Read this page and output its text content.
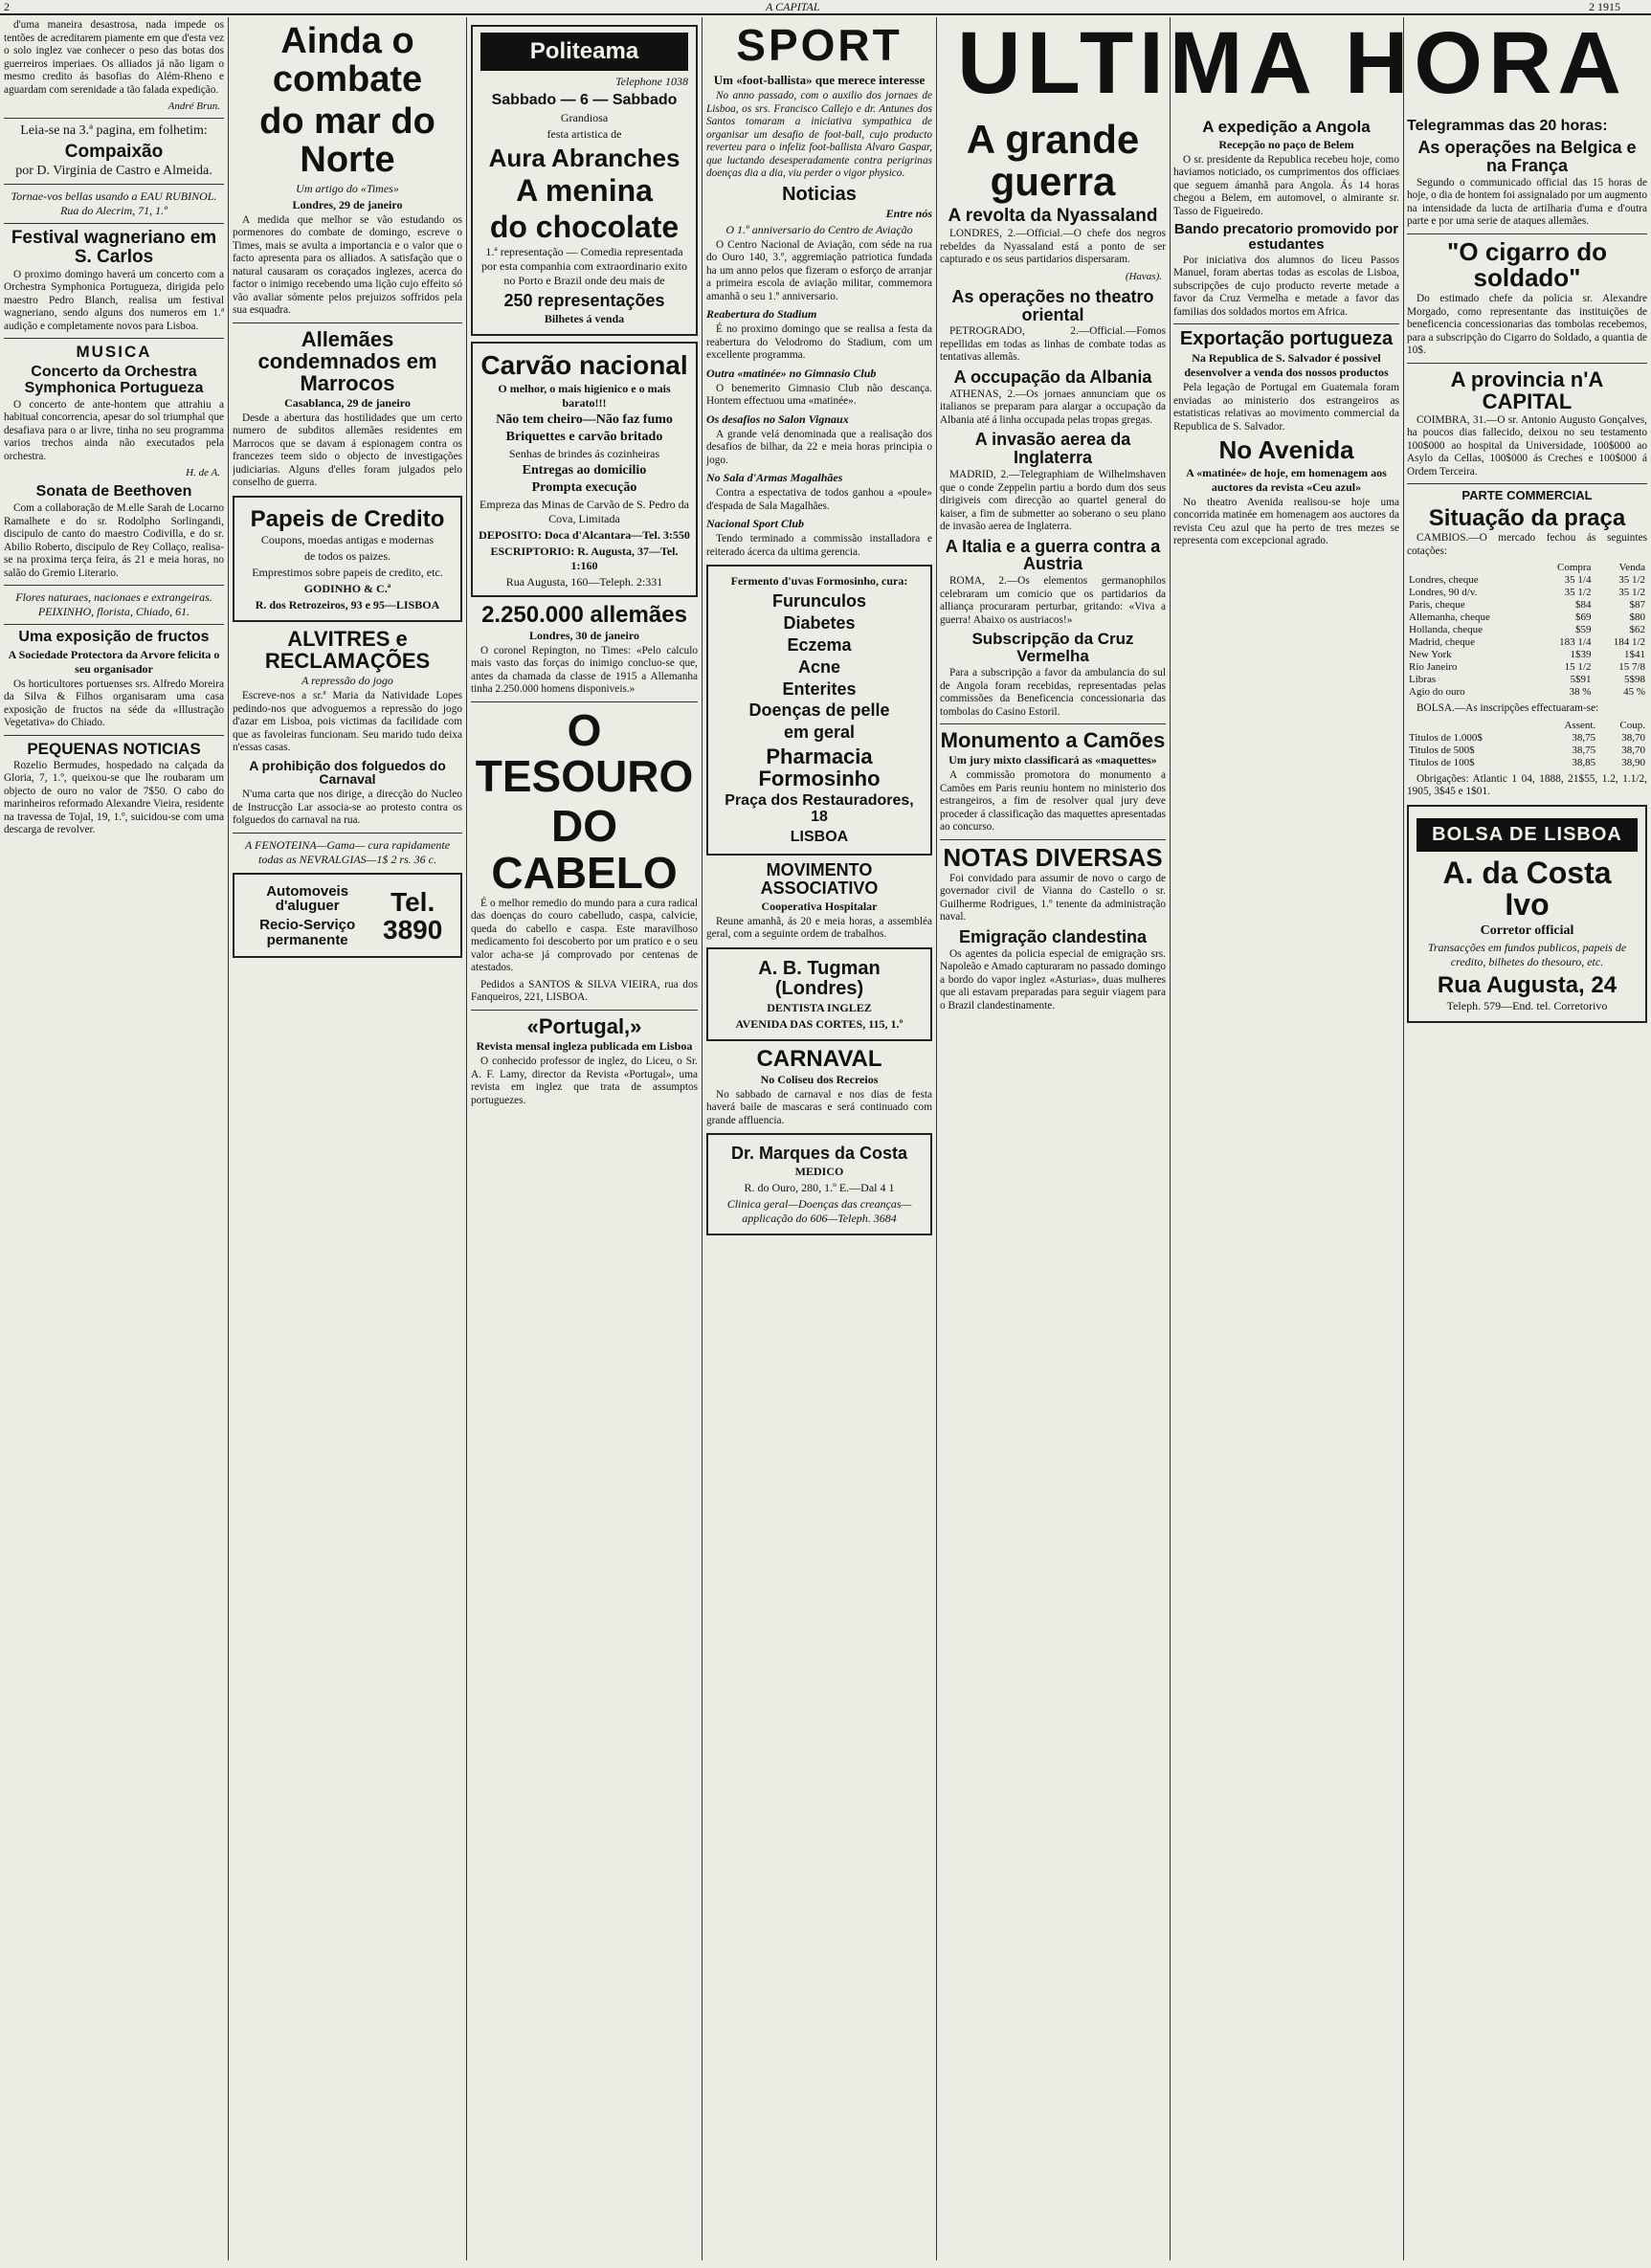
2	A CAPITAL	2 1915

d'uma maneira desastrosa, nada impede os tentões de acreditarem piamente em que d'esta vez o solo inglez vae conhecer o peso das botas dos guerreiros imperiaes. Os alliados já não ligam o mesmo credito ás basofias do Além-Rheno e aguardam com serenidade a tão falada expedição.

André Brun.
Leia-se na 3.ª pagina, em folhetim:
Compaixão
por D. Virginia de Castro e Almeida.
Tornae-vos bellas usando a EAU RUBINOL. Rua do Alecrim, 71, 1.º
Festival wagneriano em S. Carlos

O proximo domingo haverá um concerto com a Orchestra Symphonica Portugueza, dirigida pelo maestro Pedro Blanch, realisa um festival wagneriano, sendo alguns dos numeros em 1.ª audição e completamente novos para Lisboa.

MUSICA
Concerto da Orchestra Symphonica Portugueza

O concerto de ante-hontem que attrahiu a habitual concorrencia, apesar do sol triumphal que desafiava para o ar livre, tinha no seu programma varios trechos ainda não executados pela orchestra.

H. de A.
Sonata de Beethoven

Com a collaboração de M.elle Sarah de Locarno Ramalhete e do sr. Rodolpho Sorlingandi, discipulo de canto do maestro Codivilla, e do sr. Abilio Roberto, discipulo de Rey Collaço, realisa-se na proxima terça feira, ás 21 e meia horas, no salão do Gremio Literario.

Flores naturaes, nacionaes e extrangeiras. PEIXINHO, florista, Chiado, 61.
Uma exposição de fructos
A Sociedade Protectora da Arvore felicita o seu organisador

Os horticultores portuenses srs. Alfredo Moreira da Silva & Filhos organisaram uma casa exposição de fructos na séde da «Illustração Vegetativa» do Chiado.

PEQUENAS NOTICIAS

Rozelio Bermudes, hospedado na calçada da Gloria, 7, 1.º, queixou-se que lhe roubaram um objecto de ouro no valor de 7$50. O cabo do marinheiros reformado Alexandre Vieira, residente na travessa de Tojal, 19, 1.º, suicidou-se com uma descarga de revolver.

Ainda o combate
do mar do Norte
Um artigo do «Times»
Londres, 29 de janeiro

A medida que melhor se vão estudando os pormenores do combate de domingo, escreve o Times, mais se avulta a importancia e o valor que o facto apresenta para os alliados. A satisfação que o natural causaram os coraçados inglezes, acerca do factor o inimigo recebendo uma lição cujo effeito só vão avaliar sómente pelos prejuizos soffridos pela sua esquadra.

Allemães condemnados em Marrocos
Casablanca, 29 de janeiro

Desde a abertura das hostilidades que um certo numero de subditos allemães residentes em Marrocos que se davam á espionagem contra os francezes teem sido o objecto de investigações judiciarias. Alguns d'elles foram julgados pelo conselho de guerra.

Papeis de Credito
Coupons, moedas antigas e modernas
de todos os paizes.
Emprestimos sobre papeis de credito, etc.
GODINHO & C.ª
R. dos Retrozeiros, 93 e 95—LISBOA
ALVITRES e RECLAMAÇÕES
A repressão do jogo

Escreve-nos a sr.ª Maria da Natividade Lopes pedindo-nos que advoguemos a repressão do jogo d'azar em Lisboa, pois victimas da facilidade com que as favoleiras funcionam. Seu marido tudo deixa n'essas casas.

A prohibição dos folguedos do Carnaval

N'uma carta que nos dirige, a direcção do Nucleo de Instrucção Lar associa-se ao protesto contra os folguedos do carnaval na rua.

A FENOTEINA—Gama— cura rapidamente todas as NEVRALGIAS—1$ 2 rs. 36 c.
Automoveis d'aluguer
Recio-Serviço permanente
Tel. 3890
Politeama
Telephone 1038
Sabbado — 6 — Sabbado
Grandiosa
festa artistica de
Aura Abranches
A menina
do chocolate
1.ª representação — Comedia representada por esta companhia com extraordinario exito no Porto e Brazil onde deu mais de
250 representações
Bilhetes á venda
Carvão nacional
O melhor, o mais higienico e o mais barato!!!
Não tem cheiro—Não faz fumo
Briquettes e carvão britado
Senhas de brindes ás cozinheiras
Entregas ao domicilio
Prompta execução
Empreza das Minas de Carvão de S. Pedro da Cova, Limitada
DEPOSITO: Doca d'Alcantara—Tel. 3:550
ESCRIPTORIO: R. Augusta, 37—Tel. 1:160
Rua Augusta, 160—Teleph. 2:331
2.250.000 allemães
Londres, 30 de janeiro

O coronel Repington, no Times: «Pelo calculo mais vasto das forças do inimigo concluo-se que, antes da chamada da classe de 1915 a Allemanha tinha 2.250.000 homens disponiveis.»

O TESOURO
DO CABELO

É o melhor remedio do mundo para a cura radical das doenças do couro cabelludo, caspa, calvicie, queda do cabello e caspa. Este maravilhoso medicamento foi descoberto por um pratico e o seu valor acha-se já comprovado por centenas de atestados.

Pedidos a SANTOS & SILVA VIEIRA, rua dos Fanqueiros, 221, LISBOA.

«Portugal,»
Revista mensal ingleza publicada em Lisboa

O conhecido professor de inglez, do Liceu, o Sr. A. F. Lamy, director da Revista «Portugal», uma revista em inglez que trata de assumptos portuguezes.

SPORT
Um «foot-ballista» que merece interesse

No anno passado, com o auxilio dos jornaes de Lisboa, os srs. Francisco Callejo e dr. Antunes dos Santos tomaram a iniciativa sympathica de organisar um desafio de foot-ball, cujo producto reverteu para o infeliz foot-ballista Alvaro Gaspar, que luctando desesperadamente contra perigrinas doenças dia a dia, viu perder o vigor physico.

Noticias
Entre nós
O 1.º anniversario do Centro de Aviação

O Centro Nacional de Aviação, com séde na rua do Ouro 140, 3.º, aggremiação patriotica fundada ha um anno pelos que fizeram o esforço de arranjar a primeira escola de aviação militar, commemora amanhã o seu 1.º anniversario.

Reabertura do Stadium

É no proximo domingo que se realisa a festa da reabertura do Velodromo do Stadium, com um excellente programma.

Outra «matinée» no Gimnasio Club

O benemerito Gimnasio Club não descança. Hontem effectuou uma «matinée».

Os desafios no Salon Vignaux

A grande velá denominada que a realisação dos desafios de bilhar, da 22 e meia horas principia o jogo.

No Sala d'Armas Magalhães

Contra a espectativa de todos ganhou a «poule» d'espada de Sala Magalhães.

Nacional Sport Club

Tendo terminado a commissão installadora e reiterado ácerca da ultima gerencia.

Fermento d'uvas Formosinho, cura:
Furunculos
Diabetes
Eczema
Acne
Enterites
Doenças de pelle
em geral
Pharmacia Formosinho
Praça dos Restauradores, 18
LISBOA
MOVIMENTO ASSOCIATIVO
Cooperativa Hospitalar

Reune amanhã, ás 20 e meia horas, a assembléa geral, com a seguinte ordem de trabalhos.

A. B. Tugman (Londres)
DENTISTA INGLEZ
AVENIDA DAS CORTES, 115, 1.º
CARNAVAL
No Coliseu dos Recreios

No sabbado de carnaval e nos dias de festa haverá baile de mascaras e será continuado com grande affluencia.

Dr. Marques da Costa
MEDICO
R. do Ouro, 280, 1.º E.—Dal 4 1
Clinica geral—Doenças das creanças—applicação do 606—Teleph. 3684
ULTIMA HORA
A grande guerra
A revolta da Nyassaland

LONDRES, 2.—Official.—O chefe dos negros rebeldes da Nyassaland está a ponto de ser capturado e os seus partidarios dispersaram.

(Havas).
As operações no theatro oriental

PETROGRADO, 2.—Official.—Fomos repellidas em todas as linhas de combate todas as tentativas allemãs.

A occupação da Albania

ATHENAS, 2.—Os jornaes annunciam que os italianos se preparam para alargar a occupação da Albania até á linha occupada pelas tropas gregas.

A invasão aerea da Inglaterra

MADRID, 2.—Telegraphiam de Wilhelmshaven que o conde Zeppelin partiu a bordo dum dos seus dirigiveis com direcção ao quartel general do kaiser, a fim de submetter ao soberano o seu plano de invasão aerea de Inglaterra.

A Italia e a guerra contra a Austria

ROMA, 2.—Os elementos germanophilos celebraram um comicio que os partidarios da alliança procuraram perturbar, gritando: «Viva a guerra! Abaixo os austriacos!»

Subscripção da Cruz Vermelha

Para a subscripção a favor da ambulancia do sul de Angola foram recebidas, representadas pelas commissões da Beneficencia concessionaria das tombolas do Casino Estoril.

Monumento a Camões
Um jury mixto classificará as «maquettes»

A commissão promotora do monumento a Camões em Paris reuniu hontem no ministerio dos estrangeiros, a fim de resolver qual jury deve proceder á classificação das maquettes apresentadas ao concurso.

NOTAS DIVERSAS

Foi convidado para assumir de novo o cargo de governador civil de Vianna do Castello o sr. Guilherme Rodrigues, 1.º tenente da administração naval.

Emigração clandestina

Os agentes da policia especial de emigração srs. Napoleão e Amado capturaram no passado domingo a bordo do vapor inglez «Asturias», duas mulheres que ali estavam preparadas para seguir viagem para o Brazil clandestinamente.

A expedição a Angola
Recepção no paço de Belem

O sr. presidente da Republica recebeu hoje, como haviamos noticiado, os cumprimentos dos officiaes que seguem ámanhã para Angola. Ás 14 horas chegou a Belem, em automovel, o almirante sr. Tasso de Figueiredo.

Bando precatorio promovido por estudantes

Por iniciativa dos alumnos do liceu Passos Manuel, foram abertas todas as escolas de Lisboa, subscripções de cujo producto reverte metade a favor da Cruz Vermelha e metade a favor das familias dos soldados mortos em Africa.

Exportação portugueza
Na Republica de S. Salvador é possivel desenvolver a venda dos nossos productos

Pela legação de Portugal em Guatemala foram enviadas ao ministerio dos estrangeiros as estatisticas relativas ao movimento commercial da Republica de S. Salvador.

No Avenida
A «matinée» de hoje, em homenagem aos auctores da revista «Ceu azul»

No theatro Avenida realisou-se hoje uma concorrida matinée em homenagem aos auctores da revista Ceu azul que ha perto de tres mezes se representa com excepcional agrado.

Telegrammas das 20 horas:
As operações na Belgica e na França

Segundo o communicado official das 15 horas de hoje, o dia de hontem foi assignalado por um augmento na intensidade da lucta de artilharia d'uma e d'outra parte e por uma serie de ataques allemães.

"O cigarro do soldado"

Do estimado chefe da policia sr. Alexandre Morgado, como representante das instituições de beneficencia concessionarias das tombolas recebemos, para a subscripção do Cigarro do Soldado, a quantia de 10$.

A provincia n'A CAPITAL

COIMBRA, 31.—O sr. Antonio Augusto Gonçalves, ha poucos dias fallecido, deixou no seu testamento 100$000 ao hospital da Universidade, 100$000 ao Asylo da Cellas, 100$000 ás Creches e 100$000 á Ordem Terceira.

PARTE COMMERCIAL
Situação da praça

CAMBIOS.—O mercado fechou ás seguintes cotações:

	Compra	Venda
Londres, cheque	35 1/4	35 1/2
Londres, 90 d/v.	35 1/2	35 1/2
Paris, cheque	$84	$87
Allemanha, cheque	$69	$80
Hollanda, cheque	$59	$62
Madrid, cheque	183 1/4	184 1/2
New York	1$39	1$41
Rio Janeiro	15 1/2	15 7/8
Libras	5$91	5$98
Agio do ouro	38 %	45 %

BOLSA.—As inscripções effectuaram-se:

	Assent.	Coup.
Titulos de 1.000$	38,75	38,70
Titulos de 500$	38,75	38,70
Titulos de 100$	38,85	38,90

Obrigações: Atlantic 1 04, 1888, 21$55, 1.2, 1.1/2, 1905, 3$45 e 1$01.

BOLSA DE LISBOA
A. da Costa Ivo
Corretor official
Transacções em fundos publicos, papeis de credito, bilhetes do thesouro, etc.
Rua Augusta, 24
Teleph. 579—End. tel. Corretorivo
